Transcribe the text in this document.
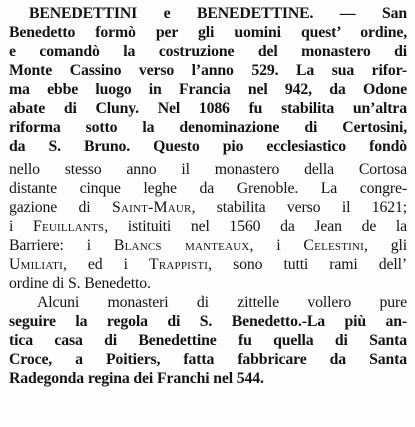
BENEDETTINI e BENEDETTINE. — San
Benedetto formò per gli uomini quest’ ordine,
e comandò la costruzione del monastero di
Monte Cassino verso l’anno 529. La sua rifor-
ma ebbe luogo in Francia nel 942, da Odone
abate di Cluny. Nel 1086 fu stabilita un’altra
riforma sotto la denominazione di Certosini,
da S. Bruno. Questo pio ecclesiastico fondò
nello stesso anno il monastero della Cortosa
distante cinque leghe da Grenoble. La congre-
gazione di Saint-Maur, stabilita verso il 1621;
i Feuillants, istituiti nel 1560 da Jean de la
Barriere: i Blancs manteaux, i Celestini, gli
Umiliati, ed i Trappisti, sono tutti rami dell’
ordine di S. Benedetto.
Alcuni monasteri di zittelle vollero pure
seguire la regola di S. Benedetto.-La più an-
tica casa di Benedettine fu quella di Santa
Croce, a Poitiers, fatta fabbricare da Santa
Radegonda regina dei Franchi nel 544.
